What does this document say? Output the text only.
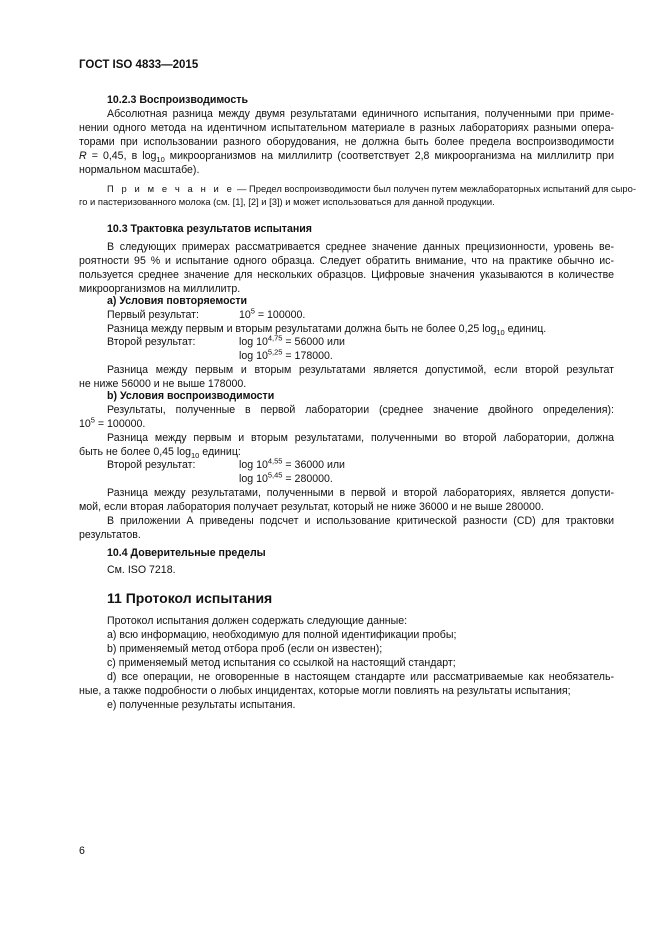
ГОСТ ISO 4833—2015
10.2.3 Воспроизводимость
Абсолютная разница между двумя результатами единичного испытания, полученными при приме-
нении одного метода на идентичном испытательном материале в разных лабораториях разными опера-
торами при использовании разного оборудования, не должна быть более предела воспроизводимости
R = 0,45, в $\log_{10}$ микроорганизмов на миллилитр (соответствует 2,8 микроорганизма на миллилитр при
нормальном масштабе).
П р и м е ч а н и е — Предел воспроизводимости был получен путем межлабораторных испытаний для сыро-
го и пастеризованного молока (см. [1], [2] и [3]) и может использоваться для данной продукции.
10.3 Трактовка результатов испытания
В следующих примерах рассматривается среднее значение данных прецизионности, уровень ве-
роятности 95 % и испытание одного образца. Следует обратить внимание, что на практике обычно ис-
пользуется среднее значение для нескольких образцов. Цифровые значения указываются в количестве
микроорганизмов на миллилитр.
a) Условия повторяемости
Первый результат:	$10^5 = 100000$.
Разница между первым и вторым результатами должна быть не более 0,25 $\log_{10}$ единиц.
Второй результат:	$\log 10^{4,75} = 56000$ или
$\log 10^{5,25} = 178000$.
Разница между первым и вторым результатами является допустимой, если второй результат
не ниже 56000 и не выше 178000.
b) Условия воспроизводимости
Результаты, полученные в первой лаборатории (среднее значение двойного определения):
$10^5 = 100000$.
Разница между первым и вторым результатами, полученными во второй лаборатории, должна
быть не более 0,45 $\log_{10}$ единиц:
Второй результат:	$\log 10^{4,55} = 36000$ или
$\log 10^{5,45} = 280000$.
Разница между результатами, полученными в первой и второй лабораториях, является допусти-
мой, если вторая лаборатория получает результат, который не ниже 36000 и не выше 280000.
В приложении А приведены подсчет и использование критической разности (CD) для трактовки
результатов.
10.4 Доверительные пределы
См. ISO 7218.
11 Протокол испытания
Протокол испытания должен содержать следующие данные:
a) всю информацию, необходимую для полной идентификации пробы;
b) применяемый метод отбора проб (если он известен);
c) применяемый метод испытания со ссылкой на настоящий стандарт;
d) все операции, не оговоренные в настоящем стандарте или рассматриваемые как необязатель-
ные, а также подробности о любых инцидентах, которые могли повлиять на результаты испытания;
e) полученные результаты испытания.
6
